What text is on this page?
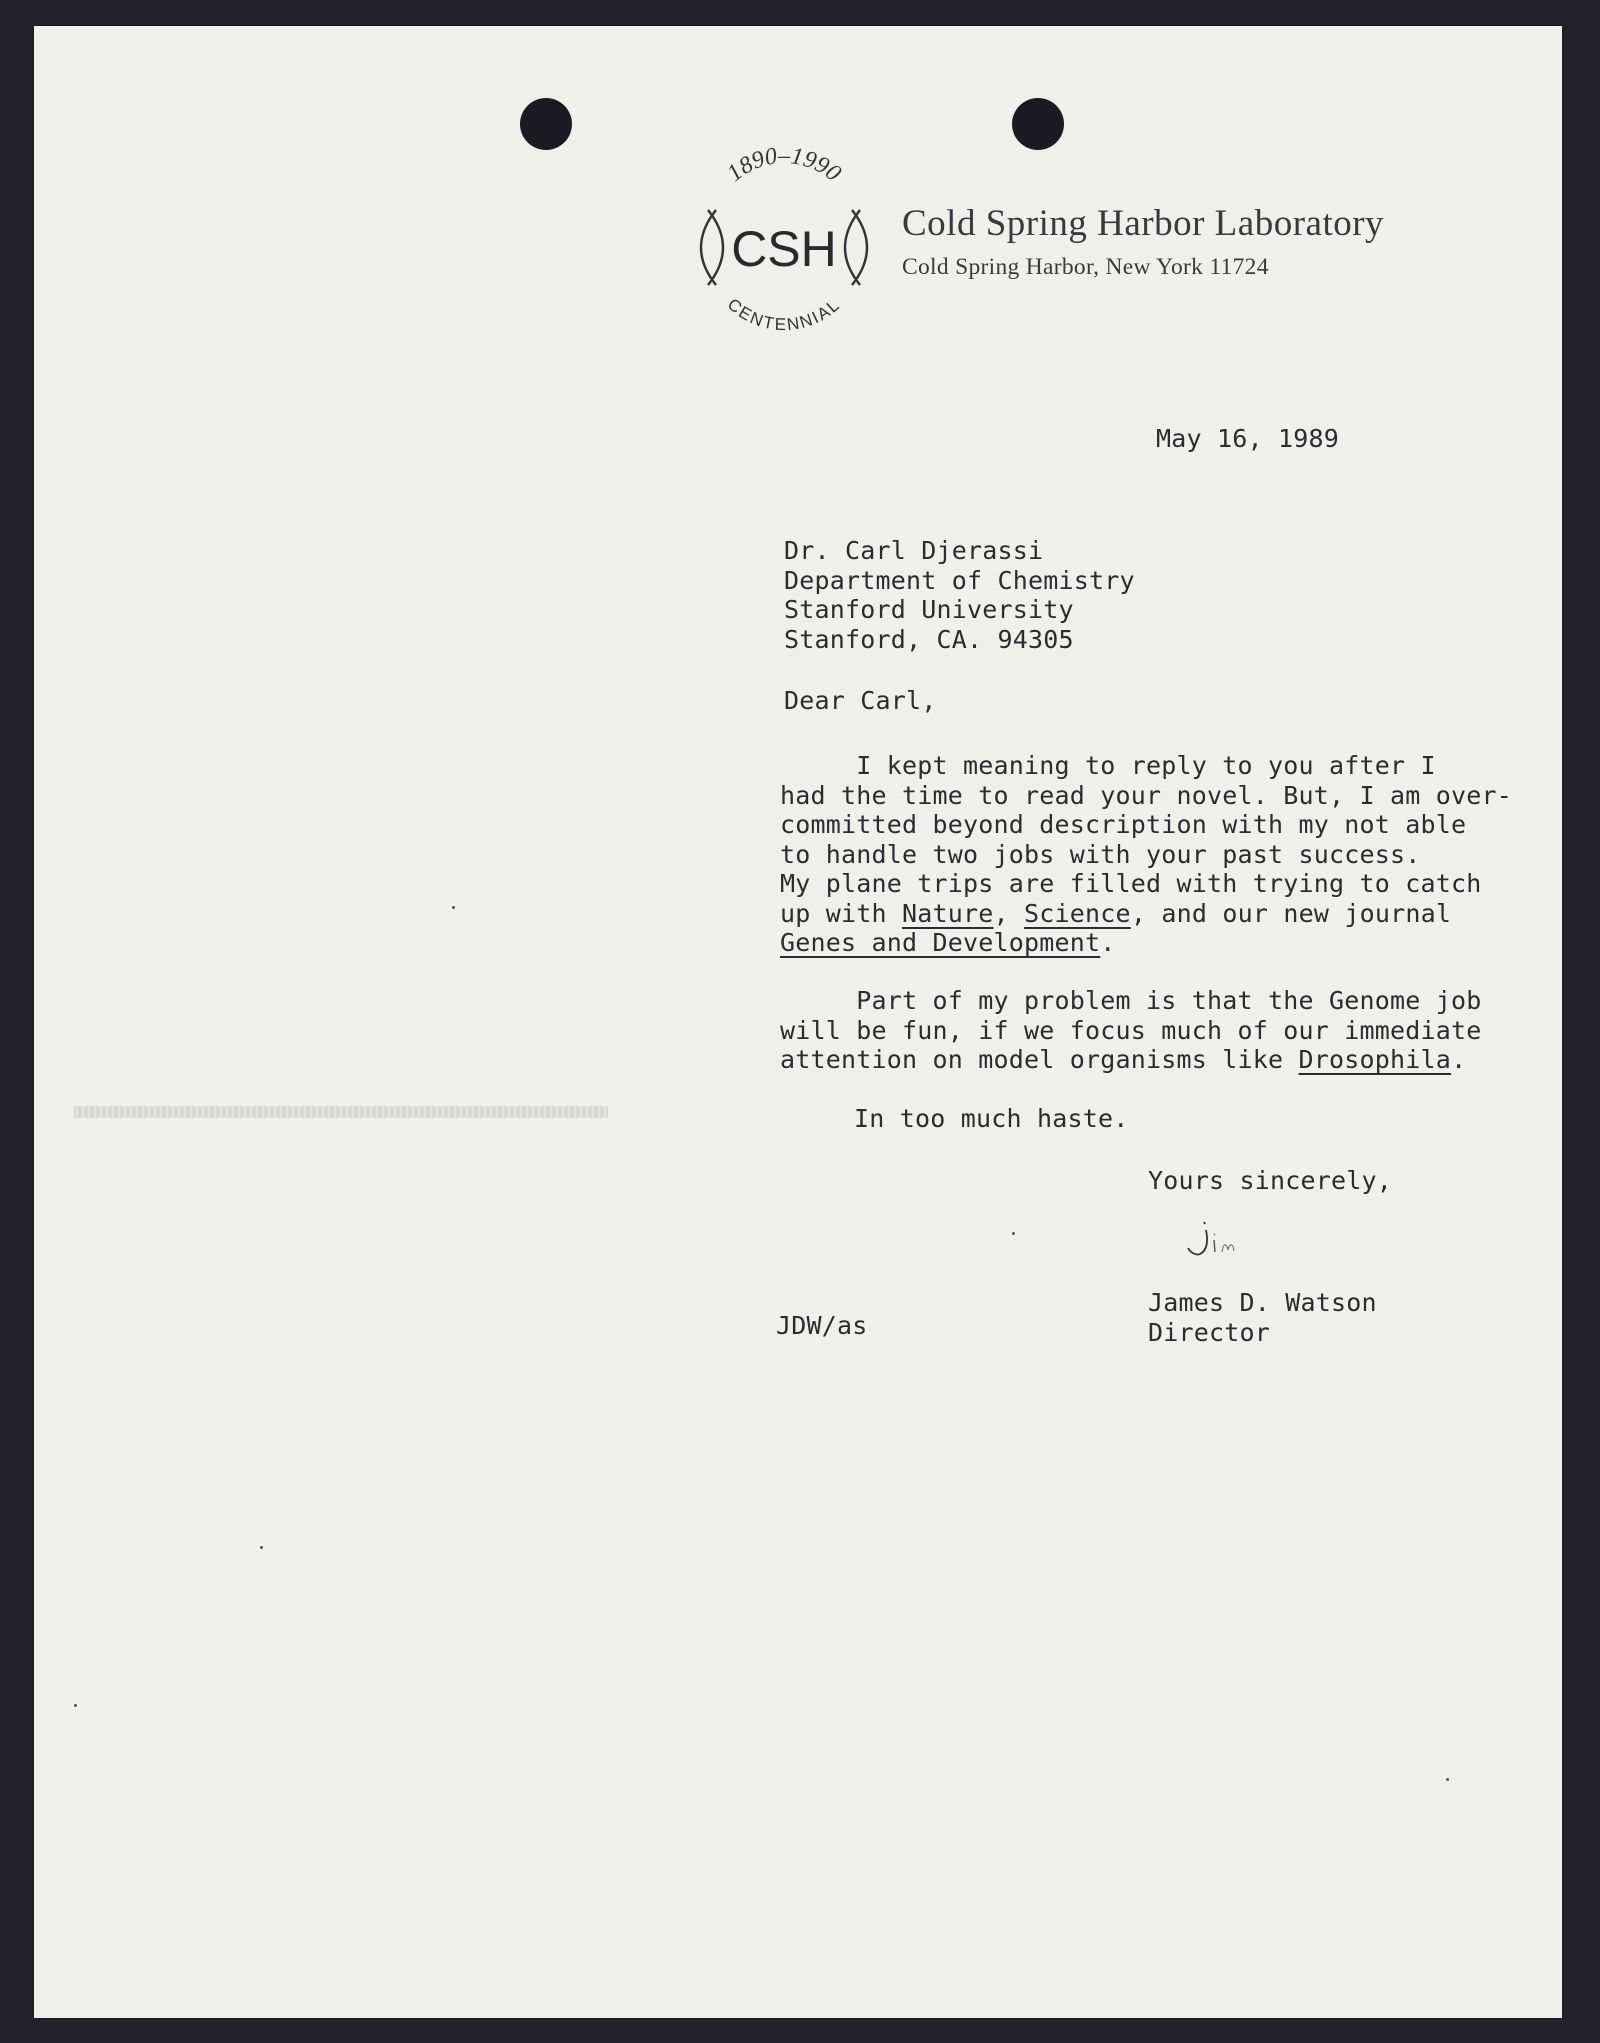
1890–1990
CENTENNIAL
CSH Cold Spring Harbor Laboratory
Cold Spring Harbor, New York 11724
May 16, 1989
Dr. Carl Djerassi
Department of Chemistry
Stanford University
Stanford, CA. 94305
Dear Carl,
I kept meaning to reply to you after I
had the time to read your novel. But, I am over-
committed beyond description with my not able
to handle two jobs with your past success.
My plane trips are filled with trying to catch
up with Nature, Science, and our new journal
Genes and Development.
Part of my problem is that the Genome job
will be fun, if we focus much of our immediate
attention on model organisms like Drosophila.
In too much haste.
Yours sincerely,
James D. Watson
Director
JDW/as
